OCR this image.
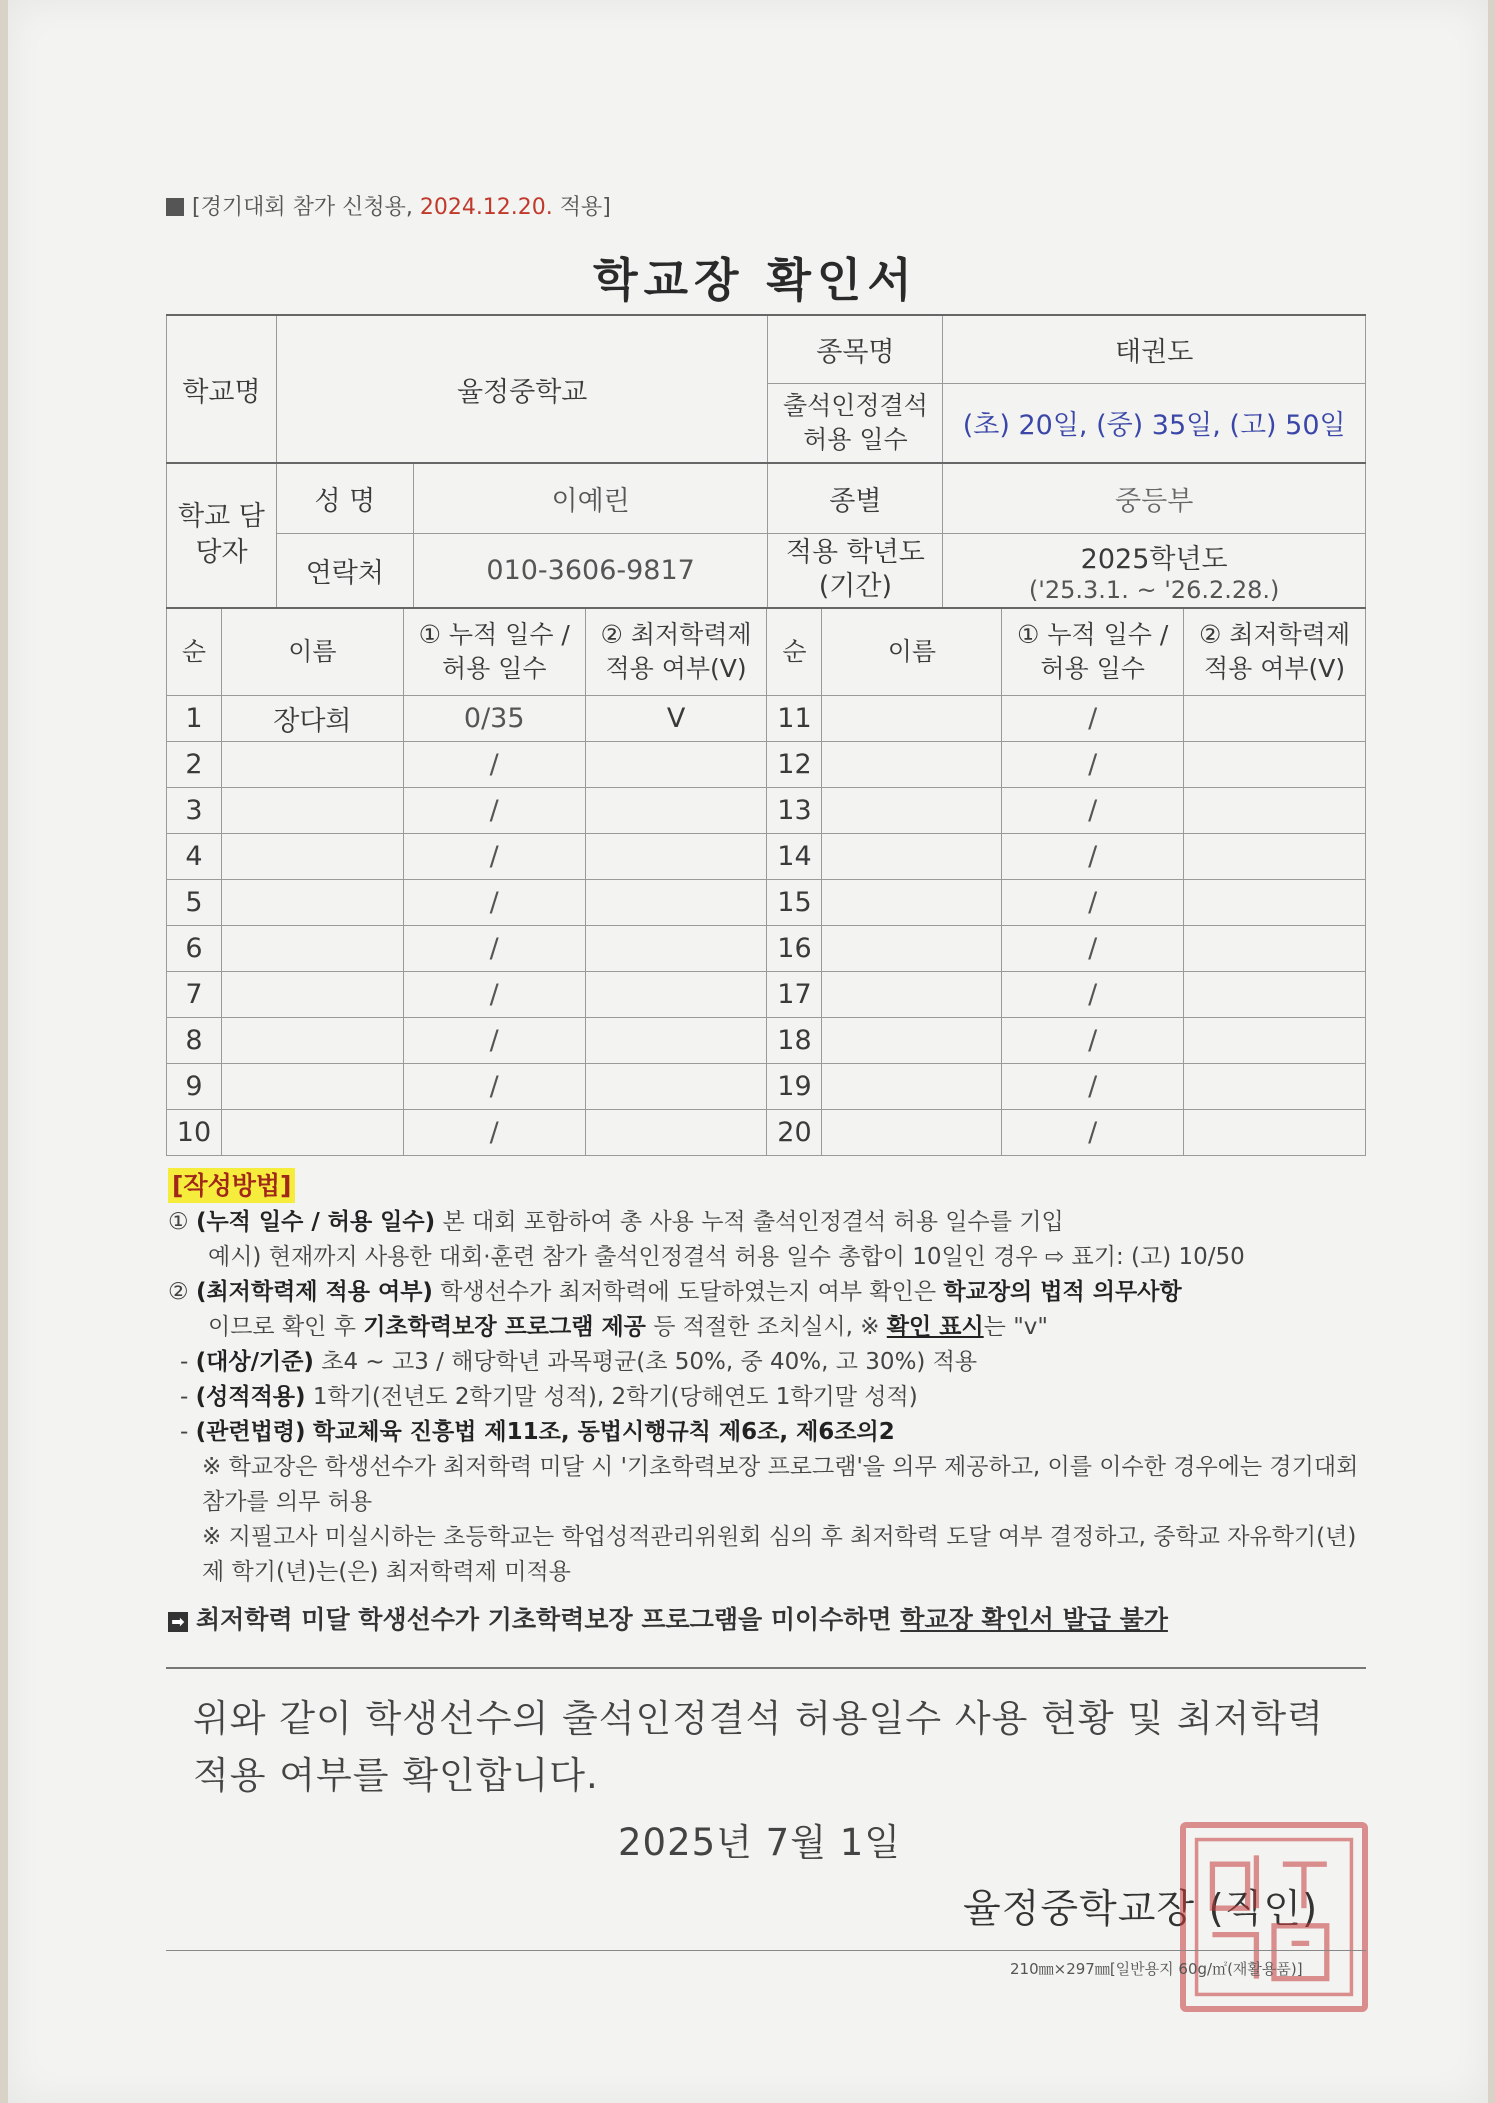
[경기대회 참가 신청용, 2024.12.20. 적용]
학교장 확인서
학교명	율정중학교		종목명	태권도
			출석인정결석 허용 일수	(초) 20일, (중) 35일, (고) 50일
학교 담당자	성 명	이예린	종별	중등부
	연락처	010-3606-9817	적용 학년도 (기간)	2025학년도
('25.3.1. ~ '26.2.28.)
순	이름	① 누적 일수 / 허용 일수	② 최저학력제 적용 여부(V)	순	이름	① 누적 일수 / 허용 일수	② 최저학력제 적용 여부(V)
1	장다희	0/35	V	11		/	
2		/		12		/	
3		/		13		/	
4		/		14		/	
5		/		15		/	
6		/		16		/	
7		/		17		/	
8		/		18		/	
9		/		19		/	
10		/		20		/	
[작성방법]
① (누적 일수 / 허용 일수) 본 대회 포함하여 총 사용 누적 출석인정결석 허용 일수를 기입
예시) 현재까지 사용한 대회·훈련 참가 출석인정결석 허용 일수 총합이 10일인 경우 ⇨ 표기: (고) 10/50
② (최저학력제 적용 여부) 학생선수가 최저학력에 도달하였는지 여부 확인은 학교장의 법적 의무사항
이므로 확인 후 기초학력보장 프로그램 제공 등 적절한 조치실시, ※ 확인 표시는 "v"
- (대상/기준) 초4 ~ 고3 / 해당학년 과목평균(초 50%, 중 40%, 고 30%) 적용
- (성적적용) 1학기(전년도 2학기말 성적), 2학기(당해연도 1학기말 성적)
- (관련법령) 학교체육 진흥법 제11조, 동법시행규칙 제6조, 제6조의2
※ 학교장은 학생선수가 최저학력 미달 시 '기초학력보장 프로그램'을 의무 제공하고, 이를 이수한 경우에는 경기대회 참가를 의무 허용
※ 지필고사 미실시하는 초등학교는 학업성적관리위원회 심의 후 최저학력 도달 여부 결정하고, 중학교 자유학기(년)제 학기(년)는(은) 최저학력제 미적용
➡ 최저학력 미달 학생선수가 기초학력보장 프로그램을 미이수하면 학교장 확인서 발급 불가
위와 같이 학생선수의 출석인정결석 허용일수 사용 현황 및 최저학력 적용 여부를 확인합니다.
2025년 7월 1일
율정중학교장 (직인)
210㎜×297㎜[일반용지 60g/㎡(재활용품)]
